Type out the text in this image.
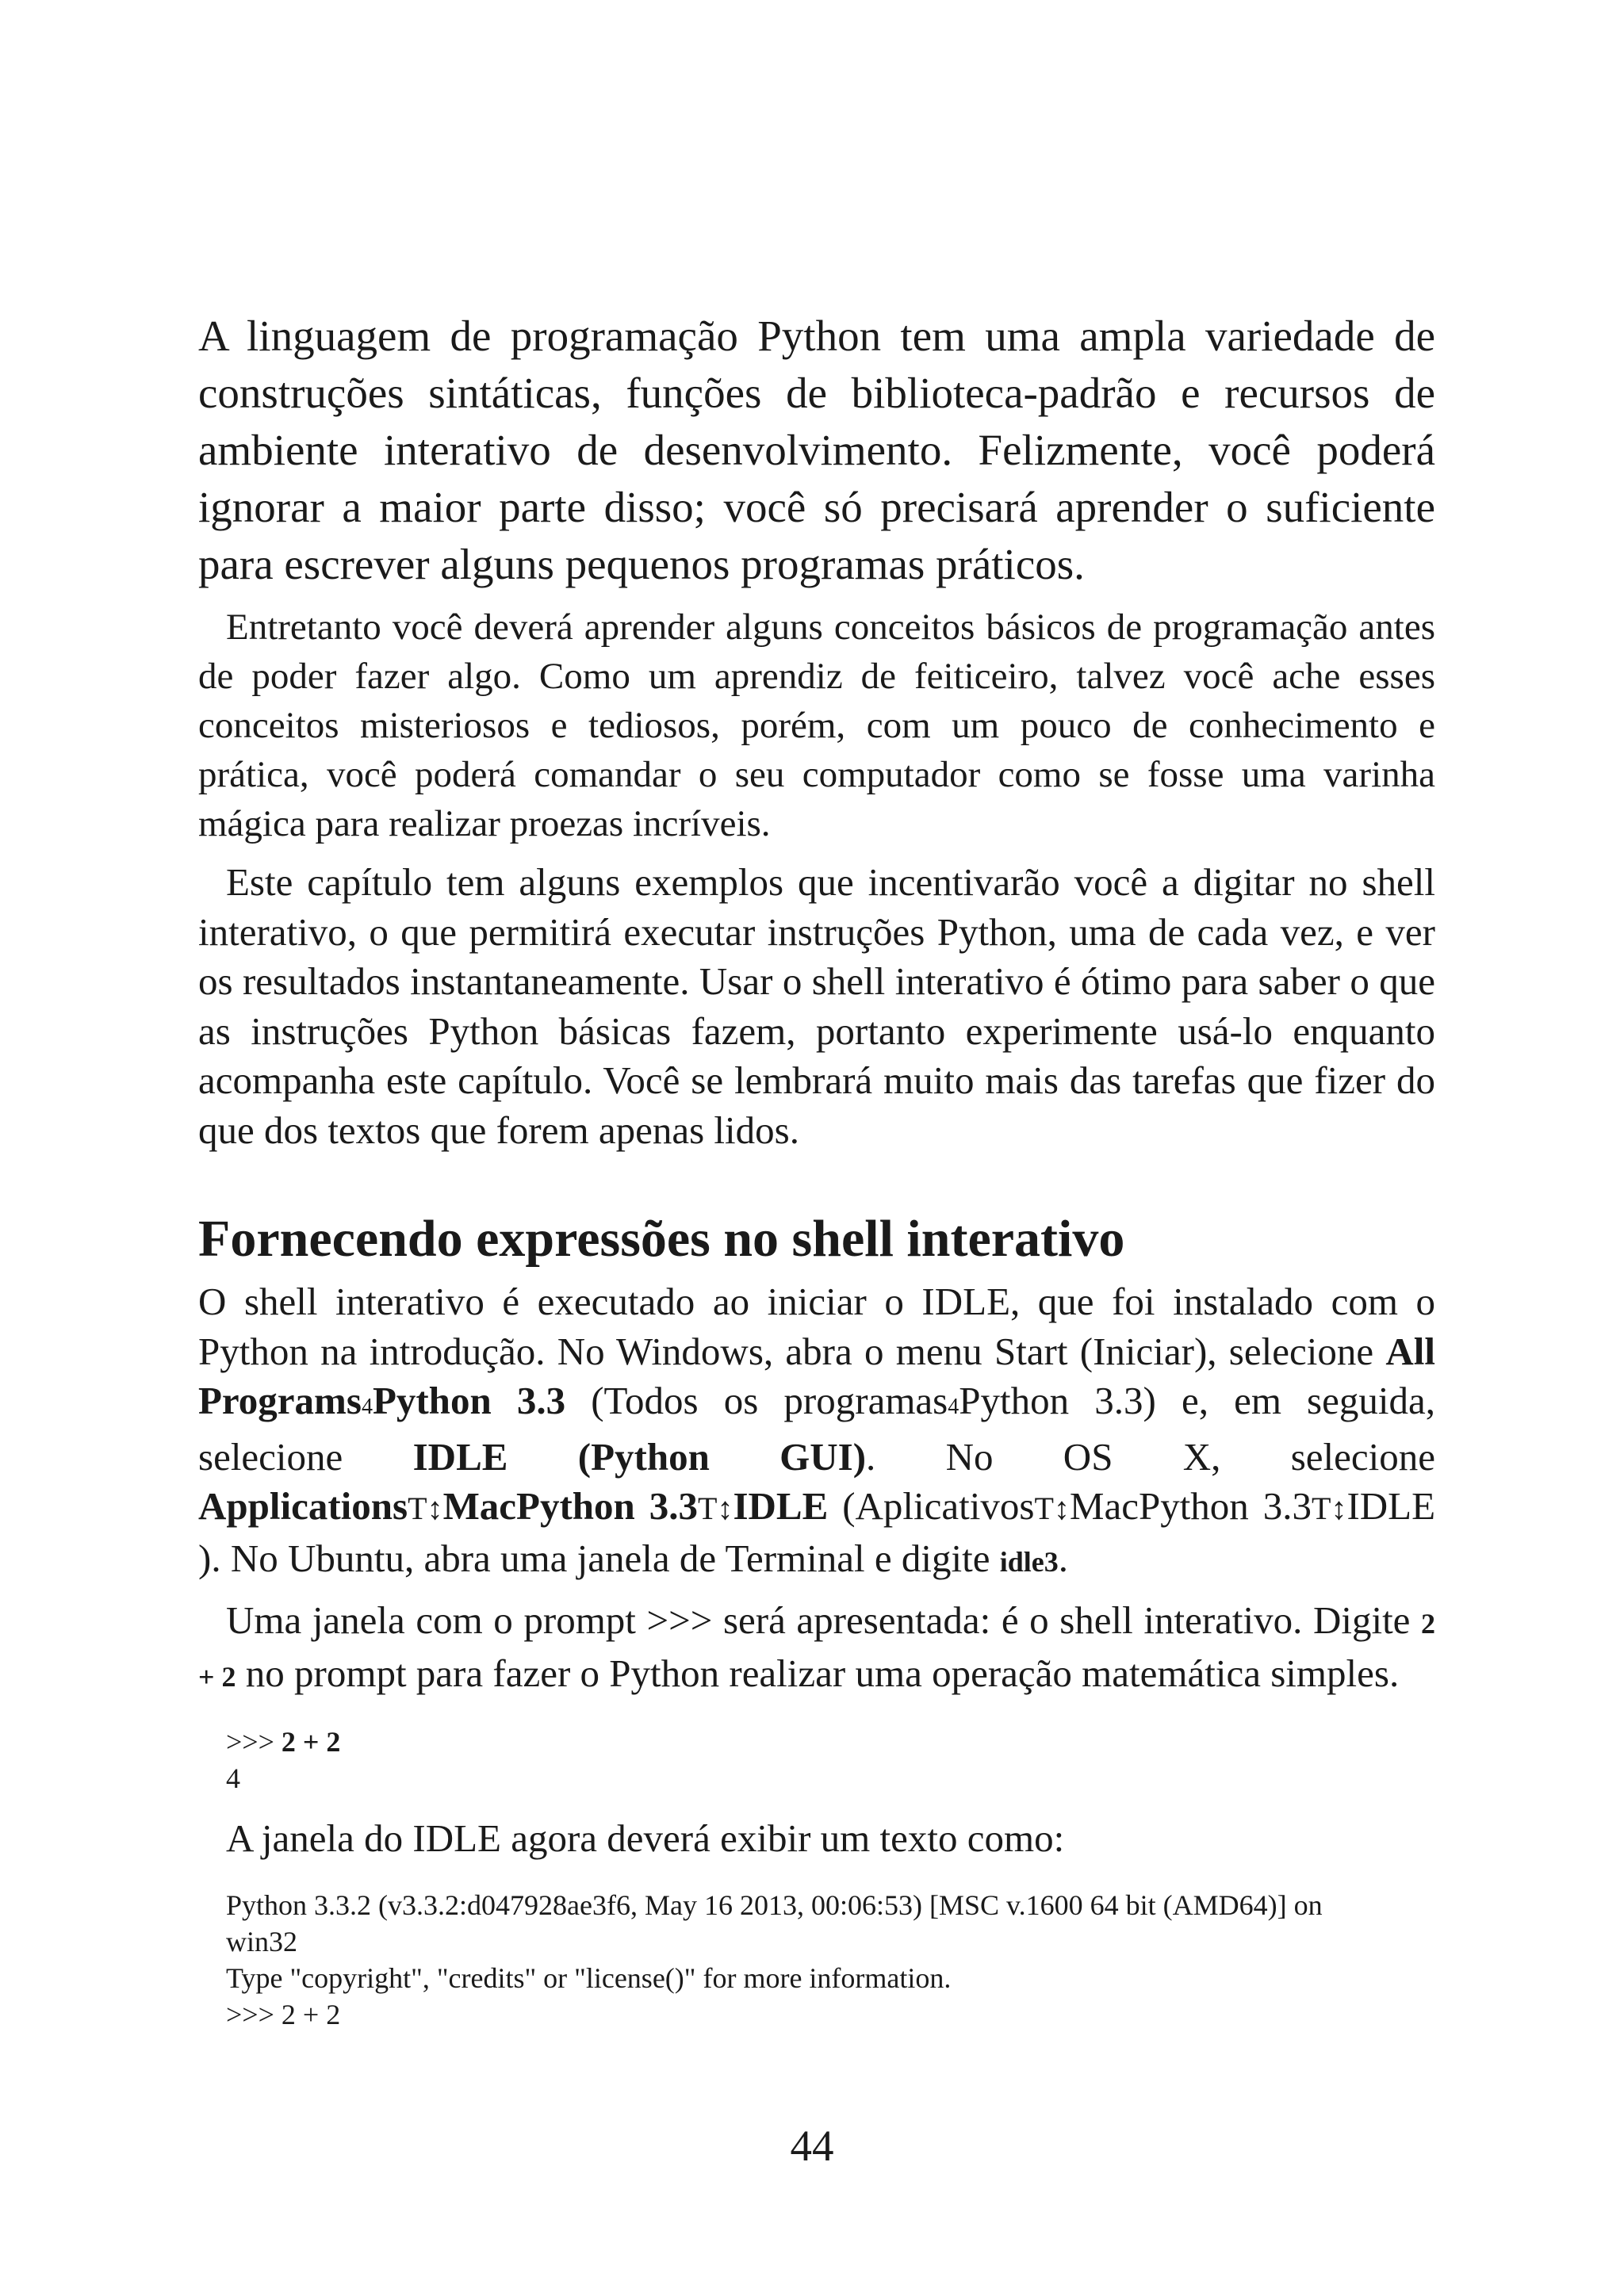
A linguagem de programação Python tem uma ampla variedade de construções sintáticas, funções de biblioteca-padrão e recursos de ambiente interativo de desenvolvimento. Felizmente, você poderá ignorar a maior parte disso; você só precisará aprender o suficiente para escrever alguns pequenos programas práticos.

Entretanto você deverá aprender alguns conceitos básicos de programação antes de poder fazer algo. Como um aprendiz de feiticeiro, talvez você ache esses conceitos misteriosos e tediosos, porém, com um pouco de conhecimento e prática, você poderá comandar o seu computador como se fosse uma varinha mágica para realizar proezas incríveis.

Este capítulo tem alguns exemplos que incentivarão você a digitar no shell interativo, o que permitirá executar instruções Python, uma de cada vez, e ver os resultados instantaneamente. Usar o shell interativo é ótimo para saber o que as instruções Python básicas fazem, portanto experimente usá-lo enquanto acompanha este capítulo. Você se lembrará muito mais das tarefas que fizer do que dos textos que forem apenas lidos.

Fornecendo expressões no shell interativo

O shell interativo é executado ao iniciar o IDLE, que foi instalado com o Python na introdução. No Windows, abra o menu Start (Iniciar), selecione All Programs4Python 3.3 (Todos os programas4Python 3.3) e, em seguida, selecione IDLE (Python GUI). No OS X, selecione ApplicationsT↕MacPython 3.3T↕IDLE (AplicativosT↕MacPython 3.3T↕IDLE ). No Ubuntu, abra uma janela de Terminal e digite idle3.

Uma janela com o prompt >>> será apresentada: é o shell interativo. Digite 2 + 2 no prompt para fazer o Python realizar uma operação matemática simples.

>>> 2 + 2
4

A janela do IDLE agora deverá exibir um texto como:

Python 3.3.2 (v3.3.2:d047928ae3f6, May 16 2013, 00:06:53) [MSC v.1600 64 bit (AMD64)] on
win32
Type "copyright", "credits" or "license()" for more information.
>>> 2 + 2
44
